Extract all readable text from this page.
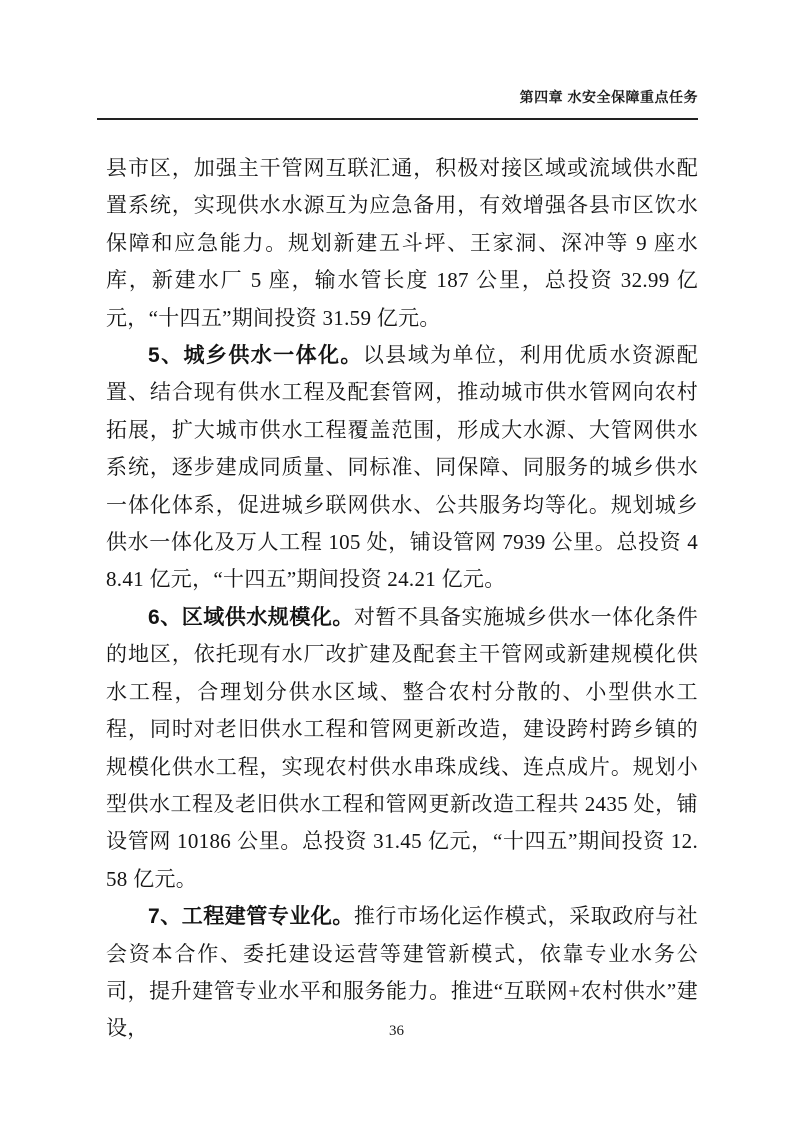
第四章 水安全保障重点任务

县市区，加强主干管网互联汇通，积极对接区域或流域供水配置系统，实现供水水源互为应急备用，有效增强各县市区饮水保障和应急能力。规划新建五斗坪、王家洞、深冲等 9 座水库，新建水厂 5 座，输水管长度 187 公里，总投资 32.99 亿元，“十四五”期间投资 31.59 亿元。

5、城乡供水一体化。以县域为单位，利用优质水资源配置、结合现有供水工程及配套管网，推动城市供水管网向农村拓展，扩大城市供水工程覆盖范围，形成大水源、大管网供水系统，逐步建成同质量、同标准、同保障、同服务的城乡供水一体化体系，促进城乡联网供水、公共服务均等化。规划城乡供水一体化及万人工程 105 处，铺设管网 7939 公里。总投资 48.41 亿元，“十四五”期间投资 24.21 亿元。

6、区域供水规模化。对暂不具备实施城乡供水一体化条件的地区，依托现有水厂改扩建及配套主干管网或新建规模化供水工程，合理划分供水区域、整合农村分散的、小型供水工程，同时对老旧供水工程和管网更新改造，建设跨村跨乡镇的规模化供水工程，实现农村供水串珠成线、连点成片。规划小型供水工程及老旧供水工程和管网更新改造工程共 2435 处，铺设管网 10186 公里。总投资 31.45 亿元，“十四五”期间投资 12.58 亿元。

7、工程建管专业化。推行市场化运作模式，采取政府与社会资本合作、委托建设运营等建管新模式，依靠专业水务公司，提升建管专业水平和服务能力。推进“互联网+农村供水”建设，	36
